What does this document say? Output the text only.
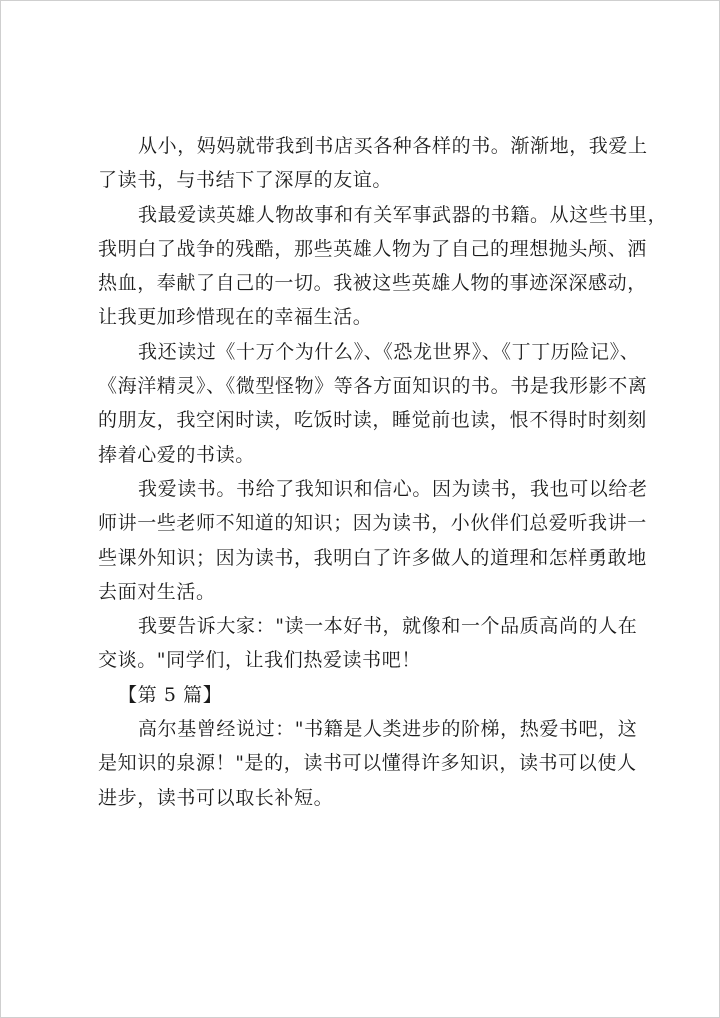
从小，妈妈就带我到书店买各种各样的书。渐渐地，我爱上
了读书，与书结下了深厚的友谊。
我最爱读英雄人物故事和有关军事武器的书籍。从这些书里，
我明白了战争的残酷，那些英雄人物为了自己的理想抛头颅、洒
热血，奉献了自己的一切。我被这些英雄人物的事迹深深感动，
让我更加珍惜现在的幸福生活。
我还读过《十万个为什么》、《恐龙世界》、《丁丁历险记》、
《海洋精灵》、《微型怪物》等各方面知识的书。书是我形影不离
的朋友，我空闲时读，吃饭时读，睡觉前也读，恨不得时时刻刻
捧着心爱的书读。
我爱读书。书给了我知识和信心。因为读书，我也可以给老
师讲一些老师不知道的知识；因为读书，小伙伴们总爱听我讲一
些课外知识；因为读书，我明白了许多做人的道理和怎样勇敢地
去面对生活。
我要告诉大家："读一本好书，就像和一个品质高尚的人在
交谈。"同学们，让我们热爱读书吧！
【第 5 篇】
高尔基曾经说过："书籍是人类进步的阶梯，热爱书吧，这
是知识的泉源！"是的，读书可以懂得许多知识，读书可以使人
进步，读书可以取长补短。
